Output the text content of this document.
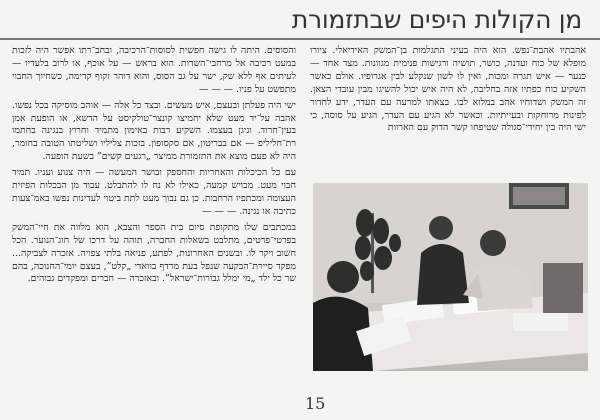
מן הקולות היפים שבתזמורת

אהבתיו אהבת־נפש. הוא היה בעיני התגלמות בן־המשק האידיאלי. ציורו מופלא של כוח ועדנה, כושר, תושיה ורגישות פנימית מגוונות. מצד אחד — כנער — איש תגרה ומכות, ואין לו לשון שנקלע לבין אגרופיו. אולם כאשר השקיע כוח כפתיו אזה בחליבה, לא היה איש יכול להשיגו מבין עובדי הצאן. זה המשק ושדוחיו אהב במלוא לבו. בצאתו למרעה עם העדר, ידע לחדור לפינות מרוחקות ובעייתיות. וכאשר לא הגיע עם העדר, הגיע על סוסה, כי ישי היה בין יחידי־סגולה שטיפחו קשר הדוק עם הארוות

והסוסים. היתה לו גישה חפשית לסוסות־הרכיבה, ובחב־רתו אפשר היה לזכות במעט רכיבה אל מרחבי־השדות. הוא בראש — על אוכף, או לרוב בלעדיו — לעיתים אף ללא שק, ישר על גב הסוס, והוא דוהר זקוף קדימה, כשחיוך החבוי מתפשט על פניו. — — —

ישי היה פעלתן ובעצם, איש מעשים. ובצד כל אלה — אוהב מוסיקה בכל נפשו. אהבה על־יד מעט שלא יחמיצו קונצר־טולקיסט על הדשא, או הופעת אמן בעין־חרוד. וניגן בעצמו. השקיע רבות באימון מתמיד וחרוץ בנגינה בחתמו רת־חליליפ — אם בבריטון, אם סקסופון. בזכות צליליו ושליטתו הטובה בחומר, היה לא פעם מוצא את התזמורת ממיצר „רגעים קשים” בשעת הופעה.

עם כל הכיכלות והאחריות והחספק ובושר המעשה — היה צנוע ועניו. תמיד חבוי מעט. מבויש קמעה, כאילו לא נח לו להתבלט. עבוד מן הבכלות הפיזית העצומה ומכתפיו הרחבות. כן גם נבוך מעט לתת ביטוי לעדינות נפשו באמ־צעות כתיבה או נגינה. — — —

במכתבים שלו מתקופת סיום בית הספר והצבא, הוא מלווה את חיי־המשק בפרטי־פרטים, מתלבט בשאלות החברה, תוהה על דרכו של חוג־הנוער. הכל חשוב ויקר לו. ובשנים האחרונות, לפתע, פניאה בלתי צפויה. אזכרה לצביקה... מפקד סיירת־הבקעה שנפל בעת מרדף בוואדי „קלט”, בעצם יומי־החנוכה, בהם שר כל ילד „מי ימלל גבורות־ישראל”. ובאזכרה — חברים ומפקדים גבוהים.

15
